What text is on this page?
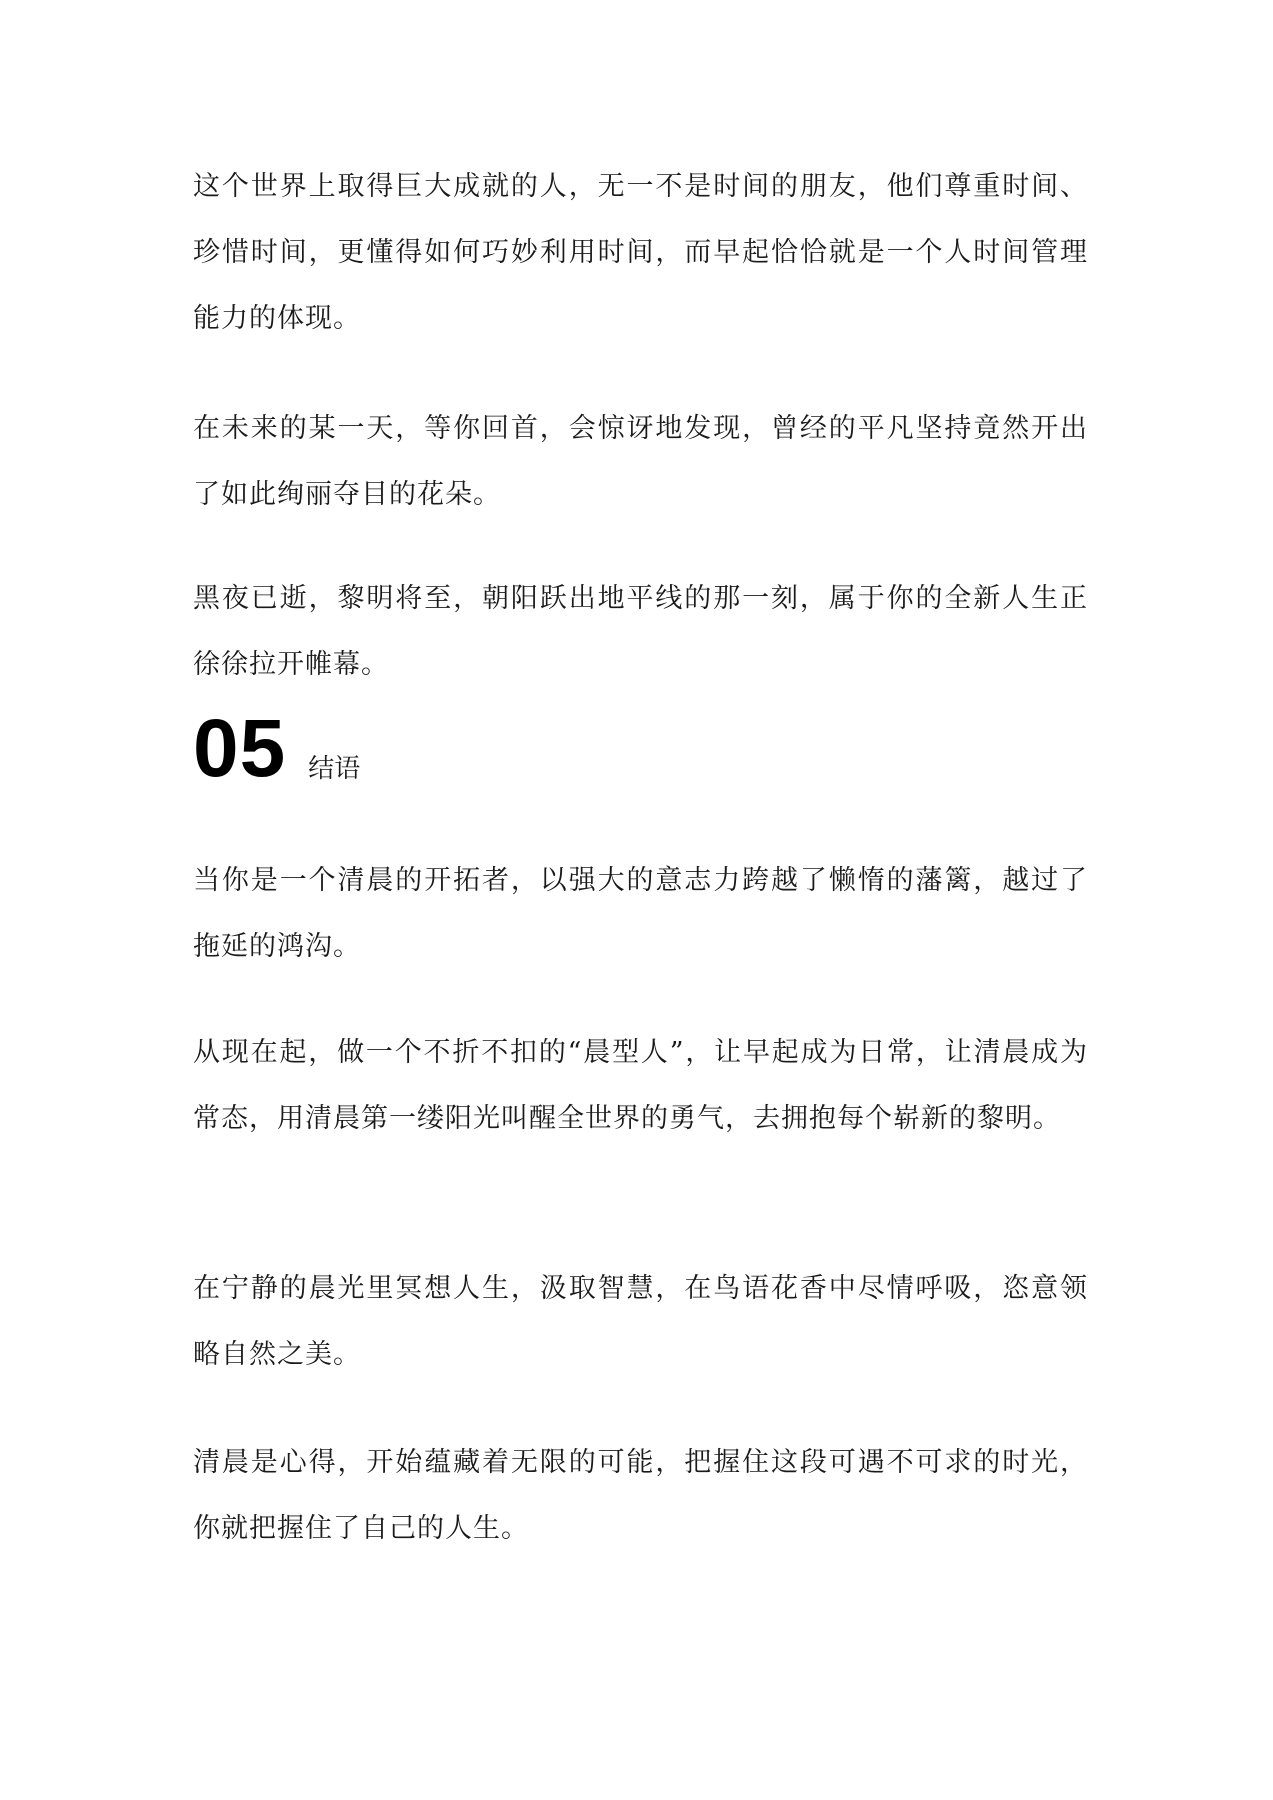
这个世界上取得巨大成就的人，无一不是时间的朋友，他们尊重时间、珍惜时间，更懂得如何巧妙利用时间，而早起恰恰就是一个人时间管理能力的体现。

在未来的某一天，等你回首，会惊讶地发现，曾经的平凡坚持竟然开出了如此绚丽夺目的花朵。

黑夜已逝，黎明将至，朝阳跃出地平线的那一刻，属于你的全新人生正徐徐拉开帷幕。

05 结语

当你是一个清晨的开拓者，以强大的意志力跨越了懒惰的藩篱，越过了拖延的鸿沟。

从现在起，做一个不折不扣的“晨型人”，让早起成为日常，让清晨成为常态，用清晨第一缕阳光叫醒全世界的勇气，去拥抱每个崭新的黎明。

在宁静的晨光里冥想人生，汲取智慧，在鸟语花香中尽情呼吸，恣意领略自然之美。

清晨是心得，开始蕴藏着无限的可能，把握住这段可遇不可求的时光，你就把握住了自己的人生。
